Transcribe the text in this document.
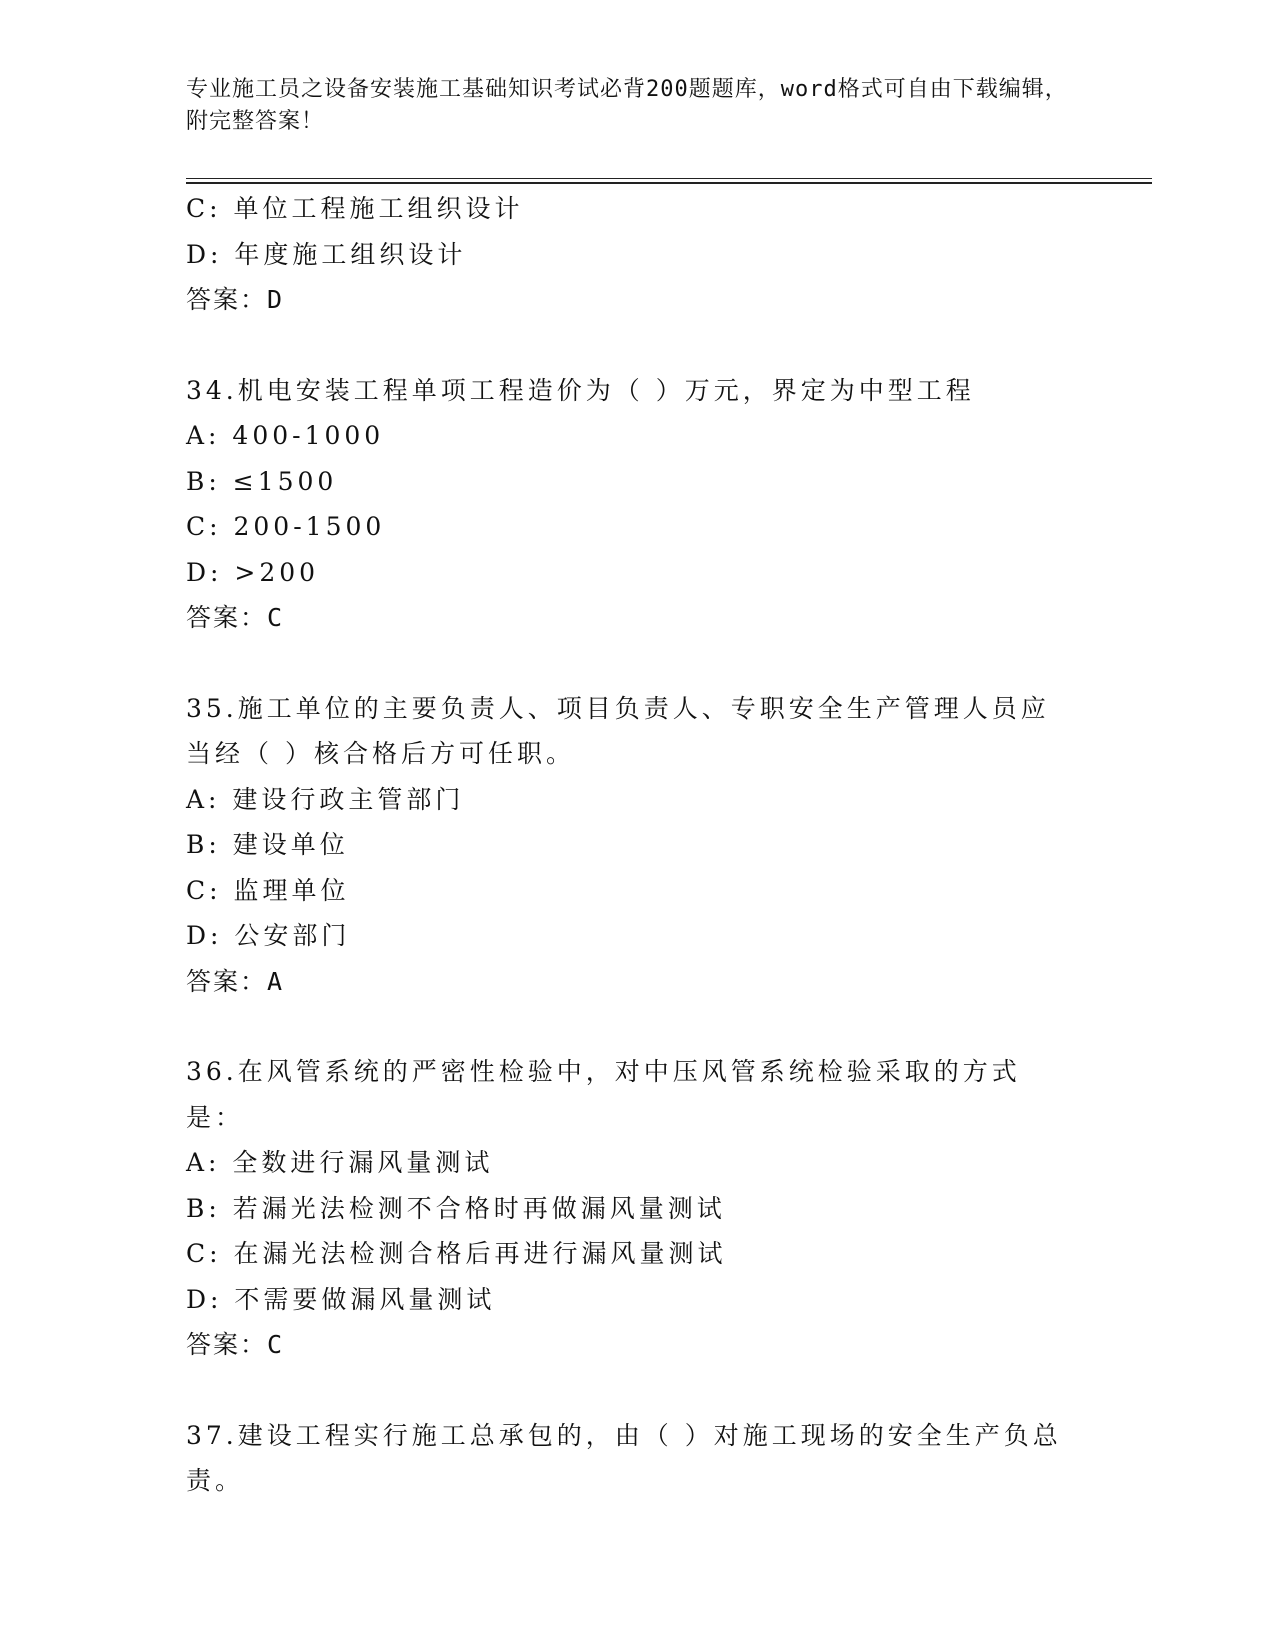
专业施工员之设备安装施工基础知识考试必背200题题库，word格式可自由下载编辑，附完整答案！
C: 单位工程施工组织设计
D: 年度施工组织设计
答案：D
34.机电安装工程单项工程造价为（ ）万元，界定为中型工程
A: 400-1000
B: ≤1500
C: 200-1500
D: >200
答案：C
35.施工单位的主要负责人、项目负责人、专职安全生产管理人员应当经（ ）核合格后方可任职。
A: 建设行政主管部门
B: 建设单位
C: 监理单位
D: 公安部门
答案：A
36.在风管系统的严密性检验中，对中压风管系统检验采取的方式是：
A: 全数进行漏风量测试
B: 若漏光法检测不合格时再做漏风量测试
C: 在漏光法检测合格后再进行漏风量测试
D: 不需要做漏风量测试
答案：C
37.建设工程实行施工总承包的，由（ ）对施工现场的安全生产负总责。
